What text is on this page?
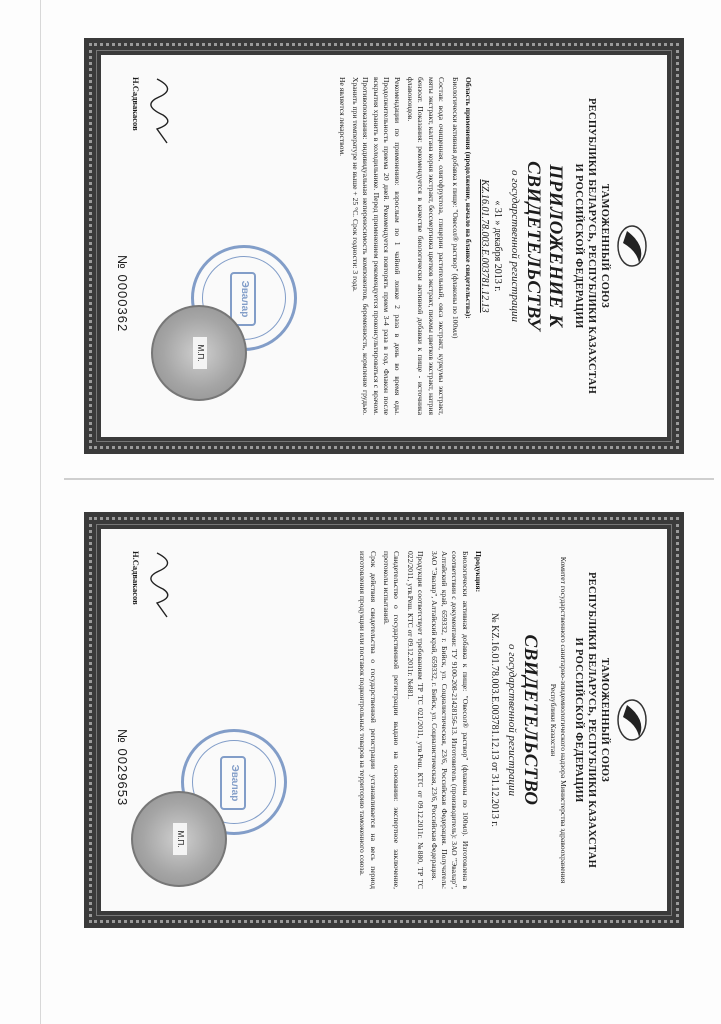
ТАМОЖЕННЫЙ СОЮЗ
РЕСПУБЛИКИ БЕЛАРУСЬ, РЕСПУБЛИКИ КАЗАХСТАН
И РОССИЙСКОЙ ФЕДЕРАЦИИ
ПРИЛОЖЕНИЕ К СВИДЕТЕЛЬСТВУ
о государственной регистрации
« 31 » декабря 2013 г.
KZ.16.01.78.003.E.003781.12.13

Область применения (продолжение, начало на бланке свидетельства):

Биологически активная добавка к пище: "Овесол® раствор" (флаконы по 100мл)

Состав: вода очищенная, олигофруктоза, глицерин растительный, овса экстракт, куркумы экстракт, мяты экстракт, калгана корня экстракт, бессмертника цветков экстракт, пижмы цветков экстракт, натрия бензоат. Показания: рекомендуется в качестве биологически активной добавки к пище - источника флавоноидов.

Рекомендации по применению: взрослым по 1 чайной ложке 2 раза в день во время еды. Продолжительность приема 20 дней. Рекомендуется повторять прием 3-4 раза в год. Флакон после вскрытия хранить в холодильнике. Перед применением рекомендуется проконсультироваться с врачом. Противопоказания: индивидуальная непереносимость компонентов, беременность, кормление грудью. Хранить при температуре не выше + 25 °С. Срок годности: 3 года.

Не является лекарством.

Н.Садвакасов
№ 0000362	Эвалар
М.П.
ТАМОЖЕННЫЙ СОЮЗ
РЕСПУБЛИКИ БЕЛАРУСЬ, РЕСПУБЛИКИ КАЗАХСТАН
И РОССИЙСКОЙ ФЕДЕРАЦИИ
Комитет государственного санитарно-эпидемиологического надзора Министерства здравоохранения Республики Казахстан
СВИДЕТЕЛЬСТВО
о государственной регистрации
№ KZ.16.01.78.003.E.003781.12.13 от 31.12.2013 г.

Продукция:

Биологически активная добавка к пище: "Овесол® раствор" (флаконы по 100мл). Изготовлена в соответствии с документами: ТУ 9100-208-21428156-13. Изготовитель (производитель): ЗАО "Эвалар", Алтайский край, 659332, г. Бийск, ул. Социалистическая, 23/6, Российская Федерация. Получатель: ЗАО "Эвалар", Алтайский край, 659332, г. Бийск, ул. Социалистическая, 23/6, Российская Федерация.

Продукция соответствует требованиям ТР ТС 021/2011, утв.Реш. КТС от 09.12.2011г. №880, ТР ТС 022/2011, утв.Реш. КТС от 09.12.2011г. №881.

Свидетельство о государственной регистрации выдано на основании: экспертное заключение, протоколы испытаний.

Срок действия свидетельства о государственной регистрации устанавливается на весь период изготовления продукции или поставок подконтрольных товаров на территорию таможенного союза.

Н.Садвакасов
№ 0029653	Эвалар
М.П.
